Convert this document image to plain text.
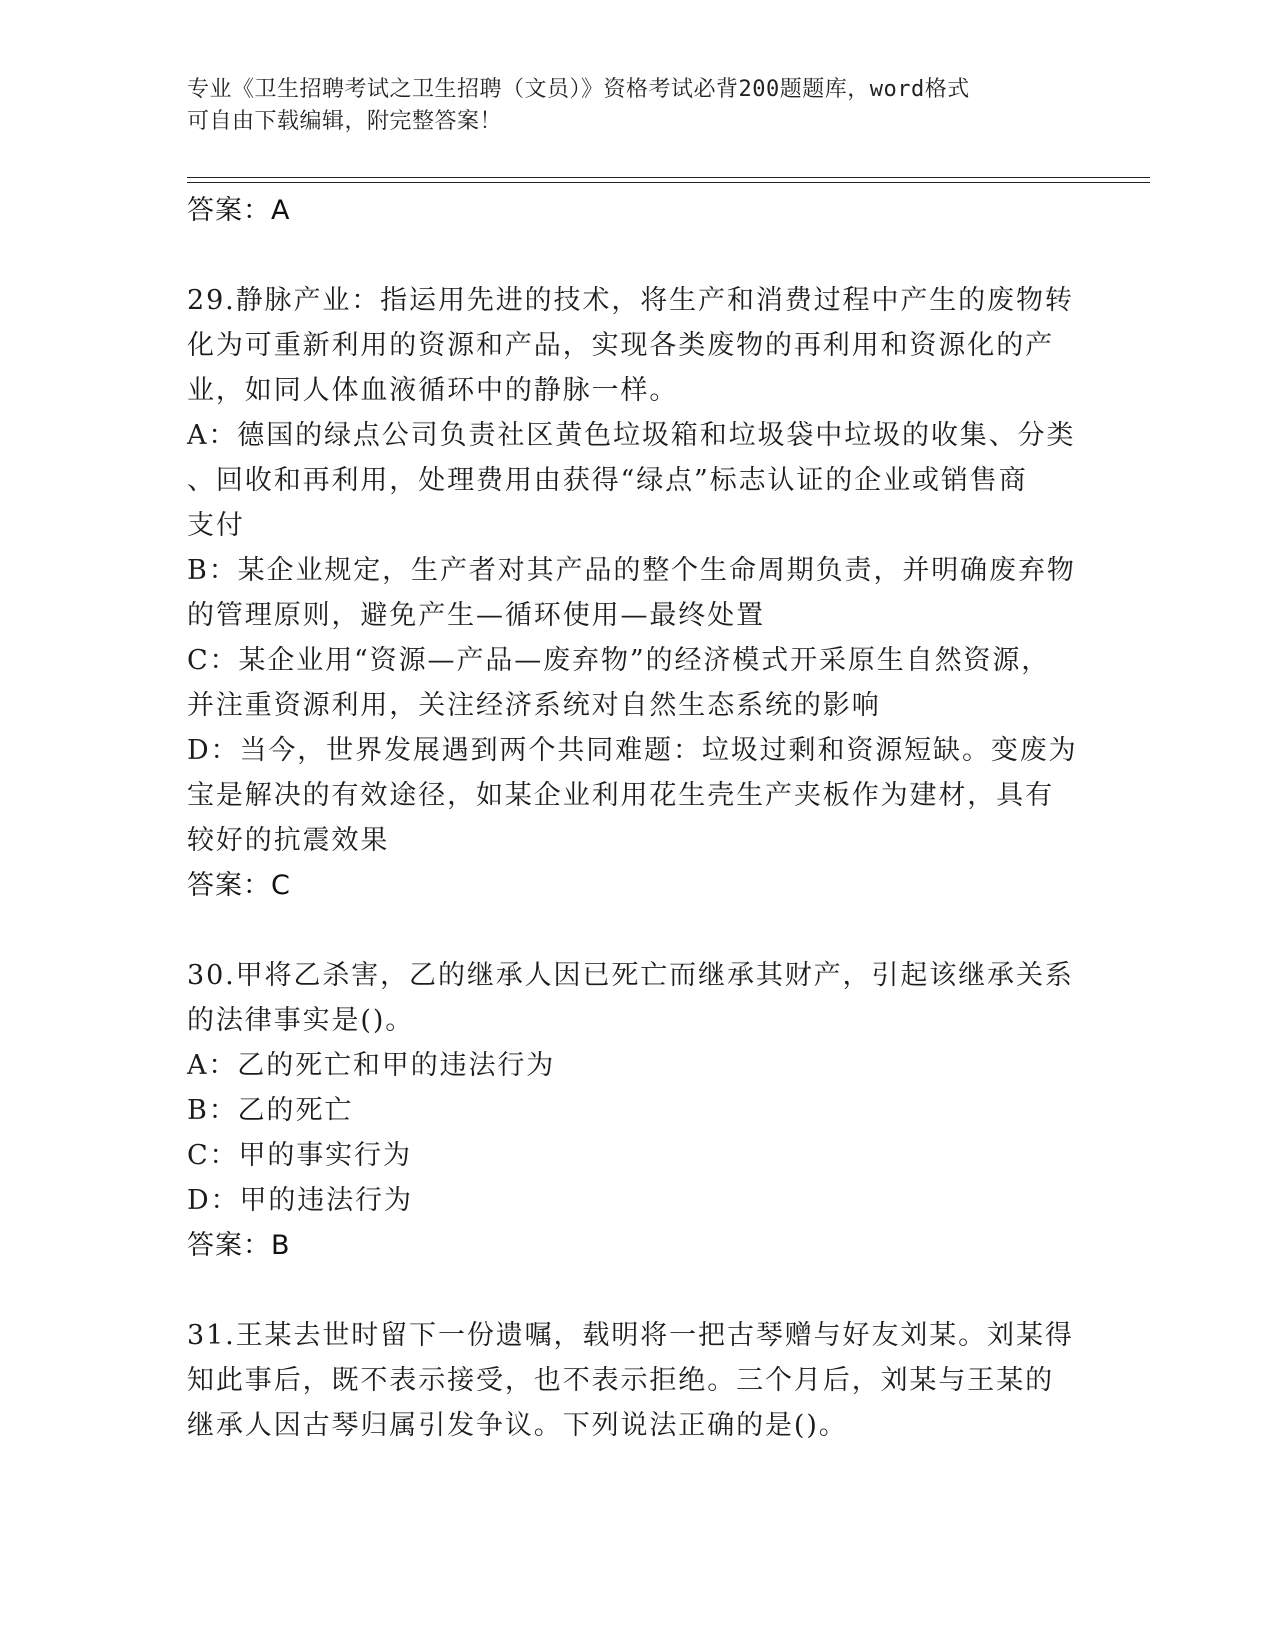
专业《卫生招聘考试之卫生招聘（文员）》资格考试必背200题题库，word格式
可自由下载编辑，附完整答案！
答案：A
29.静脉产业：指运用先进的技术，将生产和消费过程中产生的废物转
化为可重新利用的资源和产品，实现各类废物的再利用和资源化的产
业，如同人体血液循环中的静脉一样。
A：德国的绿点公司负责社区黄色垃圾箱和垃圾袋中垃圾的收集、分类
、回收和再利用，处理费用由获得“绿点”标志认证的企业或销售商
支付
B：某企业规定，生产者对其产品的整个生命周期负责，并明确废弃物
的管理原则，避免产生—循环使用—最终处置
C：某企业用“资源—产品—废弃物”的经济模式开采原生自然资源，
并注重资源利用，关注经济系统对自然生态系统的影响
D：当今，世界发展遇到两个共同难题：垃圾过剩和资源短缺。变废为
宝是解决的有效途径，如某企业利用花生壳生产夹板作为建材，具有
较好的抗震效果
答案：C
30.甲将乙杀害，乙的继承人因已死亡而继承其财产，引起该继承关系
的法律事实是()。
A：乙的死亡和甲的违法行为
B：乙的死亡
C：甲的事实行为
D：甲的违法行为
答案：B
31.王某去世时留下一份遗嘱，载明将一把古琴赠与好友刘某。刘某得
知此事后，既不表示接受，也不表示拒绝。三个月后，刘某与王某的
继承人因古琴归属引发争议。下列说法正确的是()。
